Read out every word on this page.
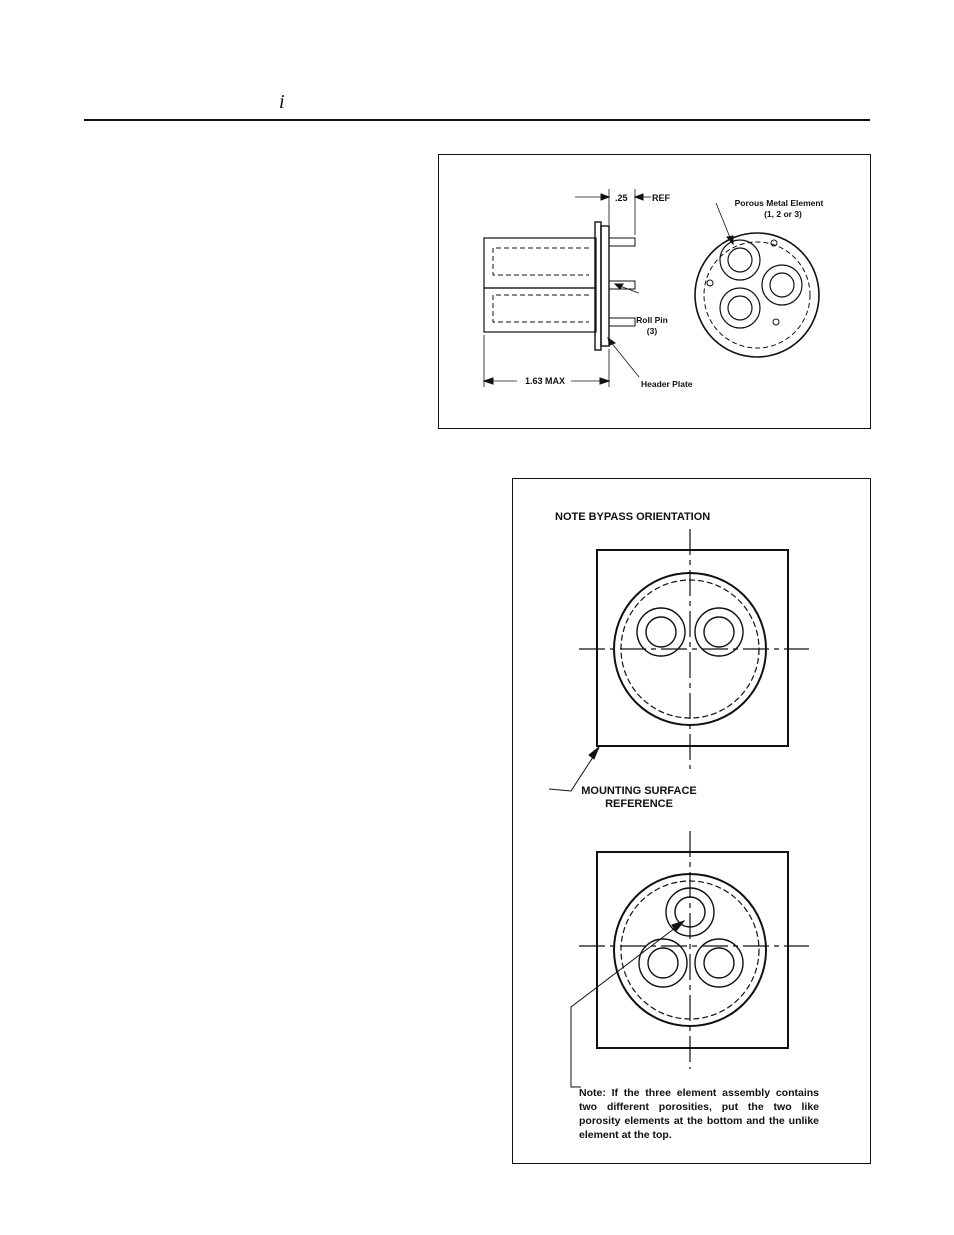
i
.25	REF	Porous Metal Element
(1, 2 or 3)
Roll Pin
(3)
1.63 MAX	Header Plate
NOTE BYPASS ORIENTATION
MOUNTING SURFACE
REFERENCE
Note: If the three element assembly contains two different porosities, put the two like porosity elements at the bottom and the unlike element at the top.
